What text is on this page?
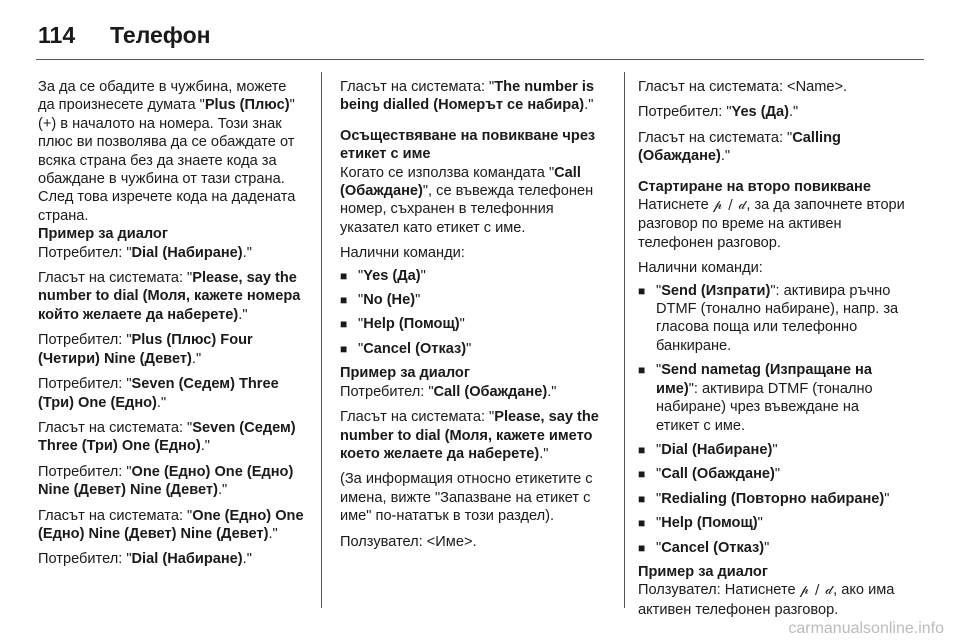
114	Телефон

За да се обадите в чужбина, можете да произнесете думата "Plus (Плюс)" (+) в началото на номера. Този знак плюс ви позволява да се обаждате от всяка страна без да знаете кода за обаждане в чужбина от тази страна. След това изречете кода на дадената страна.

Пример за диалог

Потребител: "Dial (Набиране)."

Гласът на системата: "Please, say the number to dial (Моля, кажете номера който желаете да наберете)."

Потребител: "Plus (Плюс) Four (Четири) Nine (Девет)."

Потребител: "Seven (Седем) Three (Три) One (Едно)."

Гласът на системата: "Seven (Седем) Three (Три) One (Едно)."

Потребител: "One (Едно) One (Едно) Nine (Девет) Nine (Девет)."

Гласът на системата: "One (Едно) One (Едно) Nine (Девет) Nine (Девет)."

Потребител: "Dial (Набиране)."

Гласът на системата: "The number is being dialled (Номерът се набира)."

Осъществяване на повикване чрез етикет с име

Когато се използва командата "Call (Обаждане)", се въвежда телефонен номер, съхранен в телефонния указател като етикет с име.

Налични команди:

■ "Yes (Да)"
■ "No (Не)"
■ "Help (Помощ)"
■ "Cancel (Отказ)"
Пример за диалог

Потребител: "Call (Обаждане)."

Гласът на системата: "Please, say the number to dial (Моля, кажете името което желаете да наберете)."

(За информация относно етикетите с имена, вижте "Запазване на етикет с име" по-нататък в този раздел).

Ползувател: <Име>.

Гласът на системата: <Name>.

Потребител: "Yes (Да)."

Гласът на системата: "Calling (Обаждане)."

Стартиране на второ повикване

Натиснете 𝓅 / 𝒹, за да започнете втори разговор по време на активен телефонен разговор.

Налични команди:

■ "Send (Изпрати)": активира ръчно DTMF (тонално набиране), напр. за гласова поща или телефонно банкиране.
■ "Send nametag (Изпращане на име)": активира DTMF (тонално набиране) чрез въвеждане на етикет с име.
■ "Dial (Набиране)"
■ "Call (Обаждане)"
■ "Redialing (Повторно набиране)"
■ "Help (Помощ)"
■ "Cancel (Отказ)"
Пример за диалог

Ползувател: Натиснете 𝓅 / 𝒹, ако има активен телефонен разговор.

carmanualsonline.info
